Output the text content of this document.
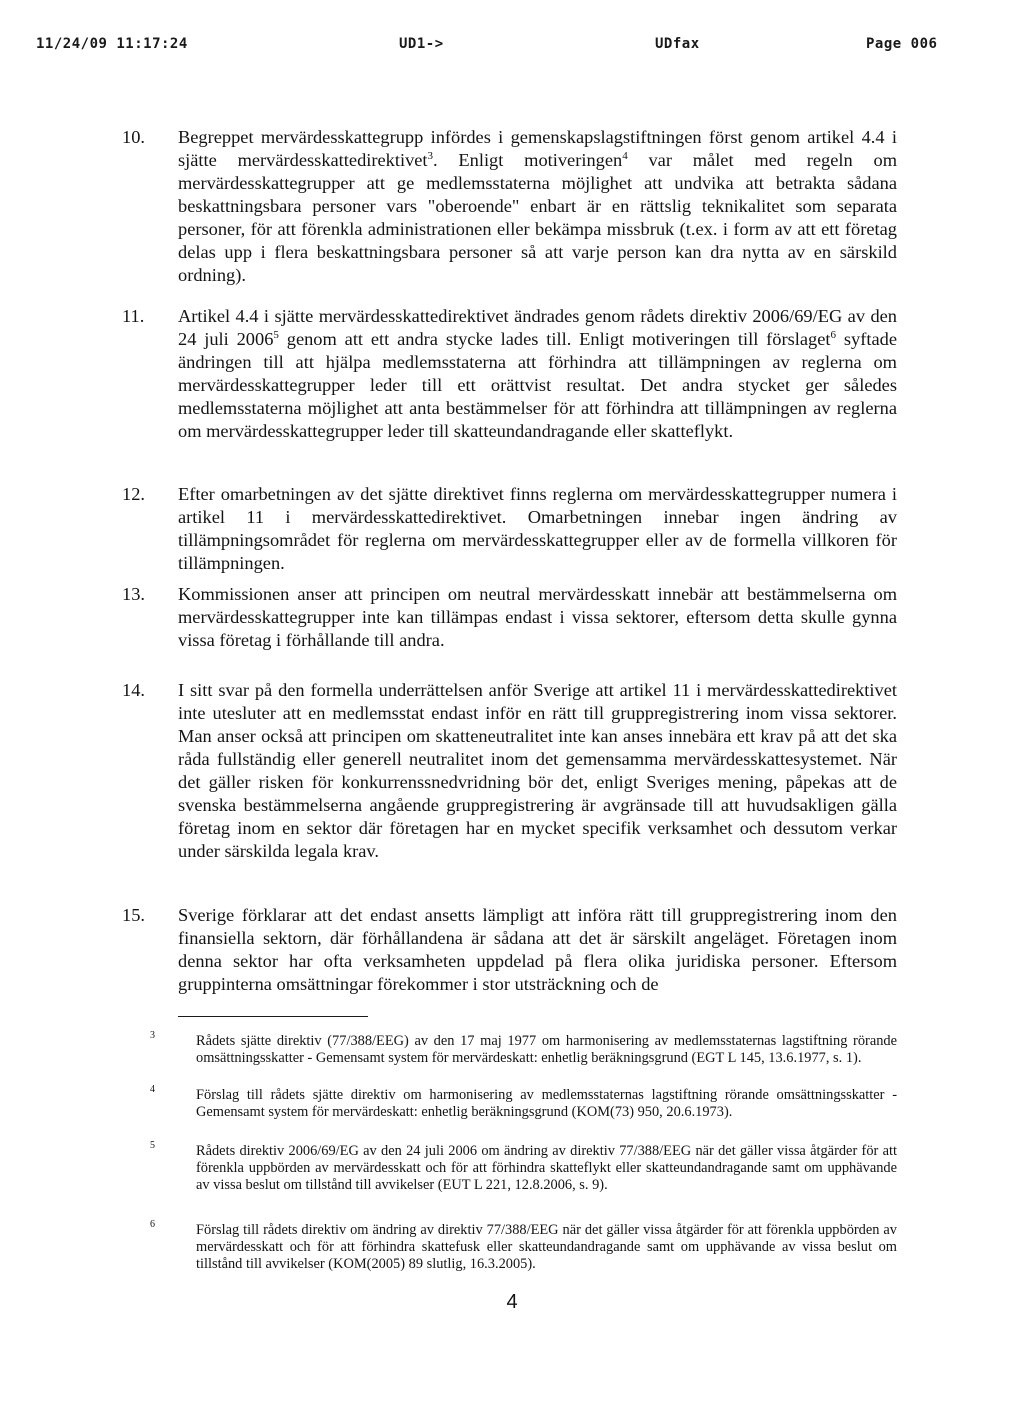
11/24/09 11:17:24	UD1->	UDfax	Page 006
10. Begreppet mervärdesskattegrupp infördes i gemenskapslagstiftningen först genom artikel 4.4 i sjätte mervärdesskattedirektivet$^3$. Enligt motiveringen$^4$ var målet med regeln om mervärdesskattegrupper att ge medlemsstaterna möjlighet att undvika att betrakta sådana beskattningsbara personer vars "oberoende" enbart är en rättslig teknikalitet som separata personer, för att förenkla administrationen eller bekämpa missbruk (t.ex. i form av att ett företag delas upp i flera beskattningsbara personer så att varje person kan dra nytta av en särskild ordning).
11. Artikel 4.4 i sjätte mervärdesskattedirektivet ändrades genom rådets direktiv 2006/69/EG av den 24 juli 2006$^5$ genom att ett andra stycke lades till. Enligt motiveringen till förslaget$^6$ syftade ändringen till att hjälpa medlemsstaterna att förhindra att tillämpningen av reglerna om mervärdesskattegrupper leder till ett orättvist resultat. Det andra stycket ger således medlemsstaterna möjlighet att anta bestämmelser för att förhindra att tillämpningen av reglerna om mervärdesskattegrupper leder till skatteundandragande eller skatteflykt.
12. Efter omarbetningen av det sjätte direktivet finns reglerna om mervärdesskattegrupper numera i artikel 11 i mervärdesskattedirektivet. Omarbetningen innebar ingen ändring av tillämpningsområdet för reglerna om mervärdesskattegrupper eller av de formella villkoren för tillämpningen.
13. Kommissionen anser att principen om neutral mervärdesskatt innebär att bestämmelserna om mervärdesskattegrupper inte kan tillämpas endast i vissa sektorer, eftersom detta skulle gynna vissa företag i förhållande till andra.
14. I sitt svar på den formella underrättelsen anför Sverige att artikel 11 i mervärdesskattedirektivet inte utesluter att en medlemsstat endast inför en rätt till gruppregistrering inom vissa sektorer. Man anser också att principen om skatteneutralitet inte kan anses innebära ett krav på att det ska råda fullständig eller generell neutralitet inom det gemensamma mervärdesskattesystemet. När det gäller risken för konkurrenssnedvridning bör det, enligt Sveriges mening, påpekas att de svenska bestämmelserna angående gruppregistrering är avgränsade till att huvudsakligen gälla företag inom en sektor där företagen har en mycket specifik verksamhet och dessutom verkar under särskilda legala krav.
15. Sverige förklarar att det endast ansetts lämpligt att införa rätt till gruppregistrering inom den finansiella sektorn, där förhållandena är sådana att det är särskilt angeläget. Företagen inom denna sektor har ofta verksamheten uppdelad på flera olika juridiska personer. Eftersom gruppinterna omsättningar förekommer i stor utsträckning och de
3	Rådets sjätte direktiv (77/388/EEG) av den 17 maj 1977 om harmonisering av medlemsstaternas lagstiftning rörande omsättningsskatter - Gemensamt system för mervärdeskatt: enhetlig beräkningsgrund (EGT L 145, 13.6.1977, s. 1).
4	Förslag till rådets sjätte direktiv om harmonisering av medlemsstaternas lagstiftning rörande omsättningsskatter - Gemensamt system för mervärdeskatt: enhetlig beräkningsgrund (KOM(73) 950, 20.6.1973).
5	Rådets direktiv 2006/69/EG av den 24 juli 2006 om ändring av direktiv 77/388/EEG när det gäller vissa åtgärder för att förenkla uppbörden av mervärdesskatt och för att förhindra skatteflykt eller skatteundandragande samt om upphävande av vissa beslut om tillstånd till avvikelser (EUT L 221, 12.8.2006, s. 9).
6	Förslag till rådets direktiv om ändring av direktiv 77/388/EEG när det gäller vissa åtgärder för att förenkla uppbörden av mervärdesskatt och för att förhindra skattefusk eller skatteundandragande samt om upphävande av vissa beslut om tillstånd till avvikelser (KOM(2005) 89 slutlig, 16.3.2005).
4
